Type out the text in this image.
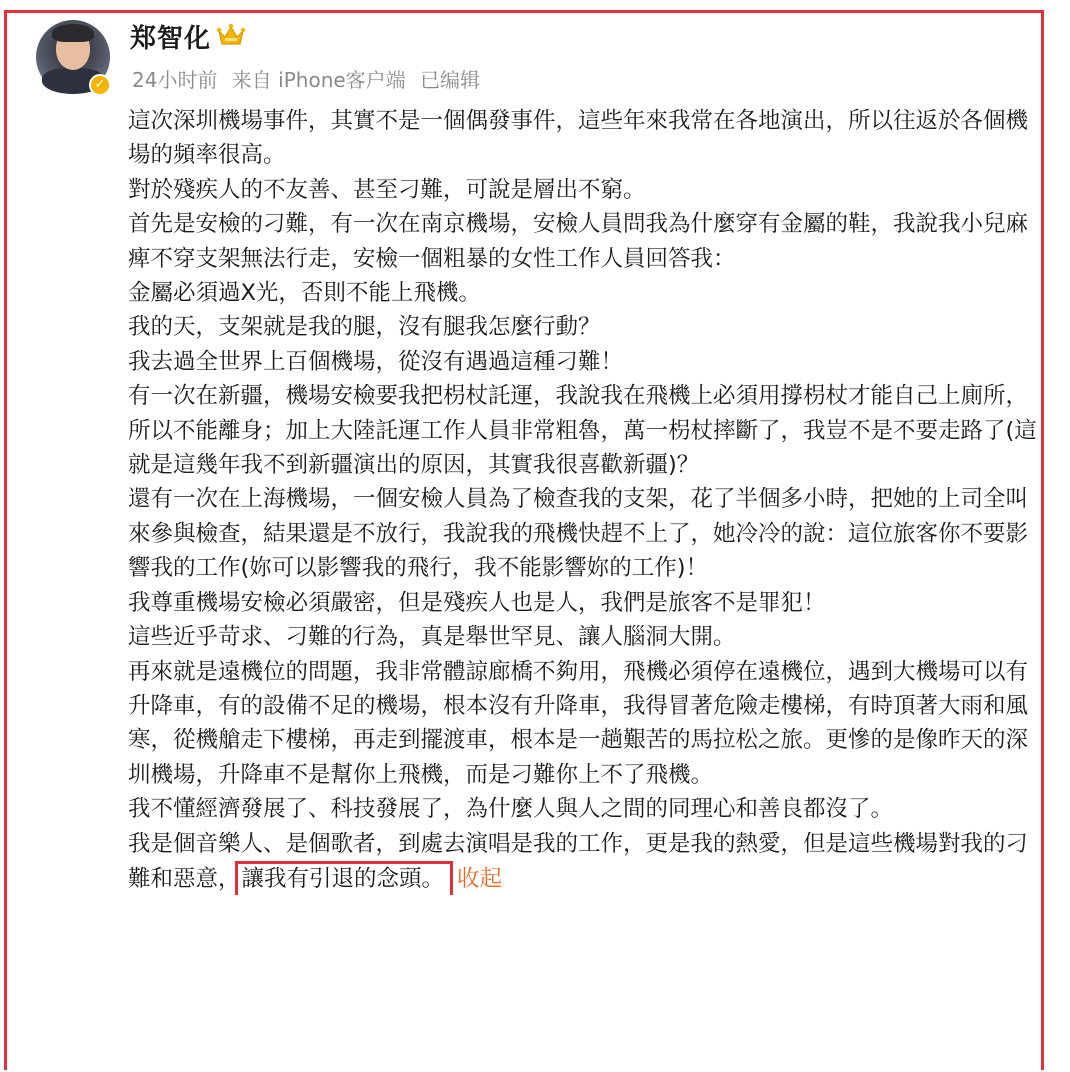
✓
郑智化
24小时前 来自 iPhone客户端 已编辑

這次深圳機場事件，其實不是一個偶發事件，這些年來我常在各地演出，所以往返於各個機場的頻率很高。

對於殘疾人的不友善、甚至刁難，可說是層出不窮。

首先是安檢的刁難，有一次在南京機場，安檢人員問我為什麼穿有金屬的鞋，我說我小兒麻痺不穿支架無法行走，安檢一個粗暴的女性工作人員回答我：

金屬必須過X光，否則不能上飛機。

我的天，支架就是我的腿，沒有腿我怎麼行動？

我去過全世界上百個機場，從沒有遇過這種刁難！

有一次在新疆，機場安檢要我把枴杖託運，我說我在飛機上必須用撐枴杖才能自己上廁所，所以不能離身；加上大陸託運工作人員非常粗魯，萬一枴杖摔斷了，我豈不是不要走路了(這就是這幾年我不到新疆演出的原因，其實我很喜歡新疆)？

還有一次在上海機場，一個安檢人員為了檢查我的支架，花了半個多小時，把她的上司全叫來參與檢查，結果還是不放行，我說我的飛機快趕不上了，她冷冷的說：這位旅客你不要影響我的工作(妳可以影響我的飛行，我不能影響妳的工作)！

我尊重機場安檢必須嚴密，但是殘疾人也是人，我們是旅客不是罪犯！

這些近乎苛求、刁難的行為，真是舉世罕見、讓人腦洞大開。

再來就是遠機位的問題，我非常體諒廊橋不夠用，飛機必須停在遠機位，遇到大機場可以有升降車，有的設備不足的機場，根本沒有升降車，我得冒著危險走樓梯，有時頂著大雨和風寒，從機艙走下樓梯，再走到擺渡車，根本是一趟艱苦的馬拉松之旅。更慘的是像昨天的深圳機場，升降車不是幫你上飛機，而是刁難你上不了飛機。

我不懂經濟發展了、科技發展了，為什麼人與人之間的同理心和善良都沒了。

我是個音樂人、是個歌者，到處去演唱是我的工作，更是我的熱愛，但是這些機場對我的刁難和惡意，讓我有引退的念頭。 收起
